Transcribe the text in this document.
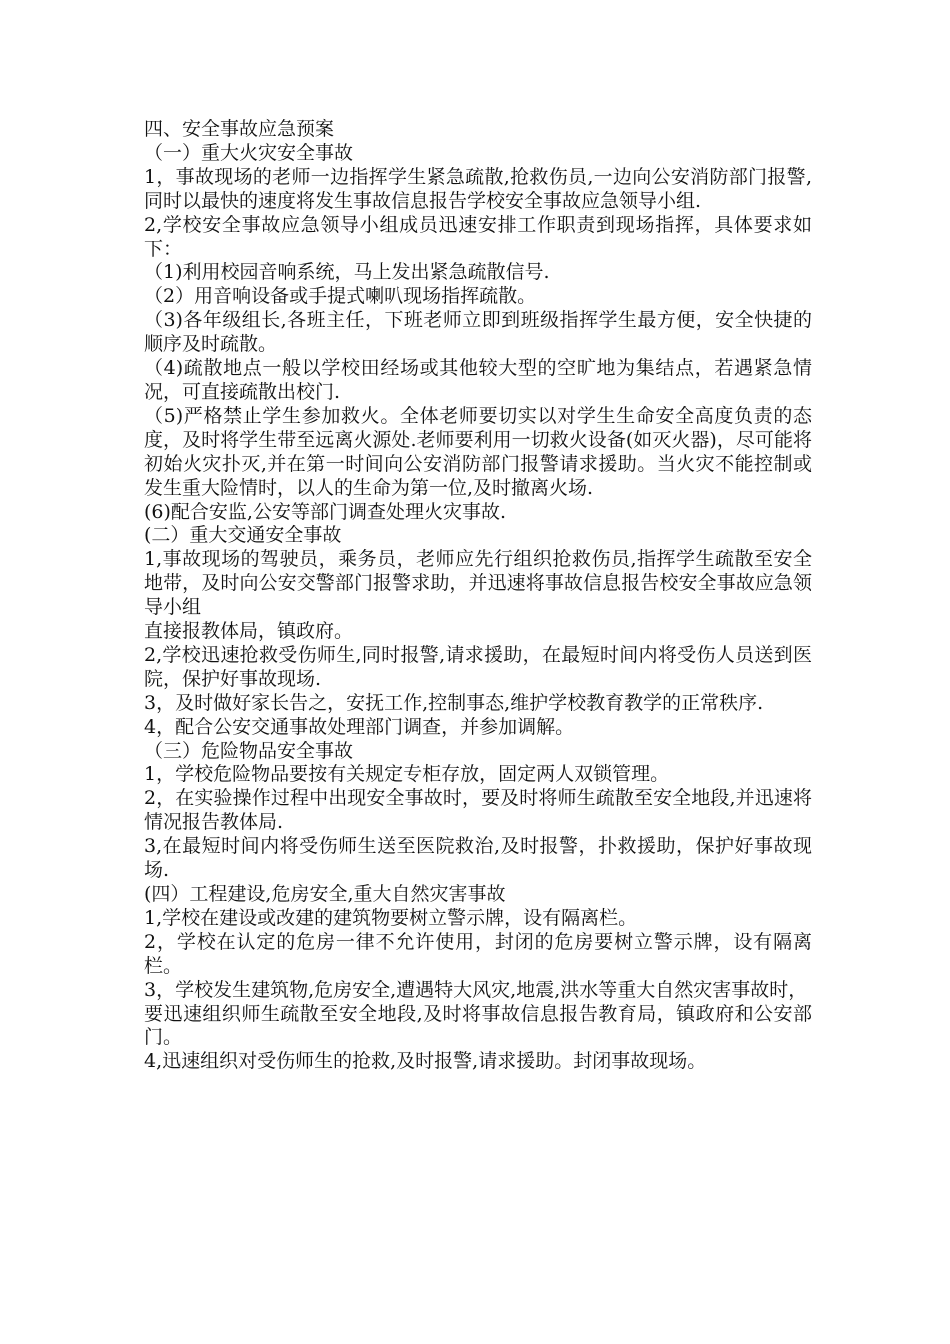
四、安全事故应急预案

（一）重大火灾安全事故

1，事故现场的老师一边指挥学生紧急疏散,抢救伤员,一边向公安消防部门报警,同时以最快的速度将发生事故信息报告学校安全事故应急领导小组.

2,学校安全事故应急领导小组成员迅速安排工作职责到现场指挥，具体要求如下：

（1)利用校园音响系统，马上发出紧急疏散信号.

（2）用音响设备或手提式喇叭现场指挥疏散。

（3)各年级组长,各班主任，下班老师立即到班级指挥学生最方便，安全快捷的顺序及时疏散。

（4)疏散地点一般以学校田经场或其他较大型的空旷地为集结点，若遇紧急情况，可直接疏散出校门.

（5)严格禁止学生参加救火。全体老师要切实以对学生生命安全高度负责的态度，及时将学生带至远离火源处.老师要利用一切救火设备(如灭火器)，尽可能将初始火灾扑灭,并在第一时间向公安消防部门报警请求援助。当火灾不能控制或发生重大险情时，以人的生命为第一位,及时撤离火场.

(6)配合安监,公安等部门调查处理火灾事故.

(二）重大交通安全事故

1,事故现场的驾驶员，乘务员，老师应先行组织抢救伤员,指挥学生疏散至安全地带，及时向公安交警部门报警求助，并迅速将事故信息报告校安全事故应急领导小组

直接报教体局，镇政府。

2,学校迅速抢救受伤师生,同时报警,请求援助，在最短时间内将受伤人员送到医院，保护好事故现场.

3，及时做好家长告之，安抚工作,控制事态,维护学校教育教学的正常秩序.

4，配合公安交通事故处理部门调查，并参加调解。

（三）危险物品安全事故

1，学校危险物品要按有关规定专柜存放，固定两人双锁管理。

2，在实验操作过程中出现安全事故时，要及时将师生疏散至安全地段,并迅速将情况报告教体局.

3,在最短时间内将受伤师生送至医院救治,及时报警，扑救援助，保护好事故现场.

(四）工程建设,危房安全,重大自然灾害事故

1,学校在建设或改建的建筑物要树立警示牌，设有隔离栏。

2，学校在认定的危房一律不允许使用，封闭的危房要树立警示牌，设有隔离栏。

3，学校发生建筑物,危房安全,遭遇特大风灾,地震,洪水等重大自然灾害事故时，

要迅速组织师生疏散至安全地段,及时将事故信息报告教育局，镇政府和公安部门。

4,迅速组织对受伤师生的抢救,及时报警,请求援助。封闭事故现场。
